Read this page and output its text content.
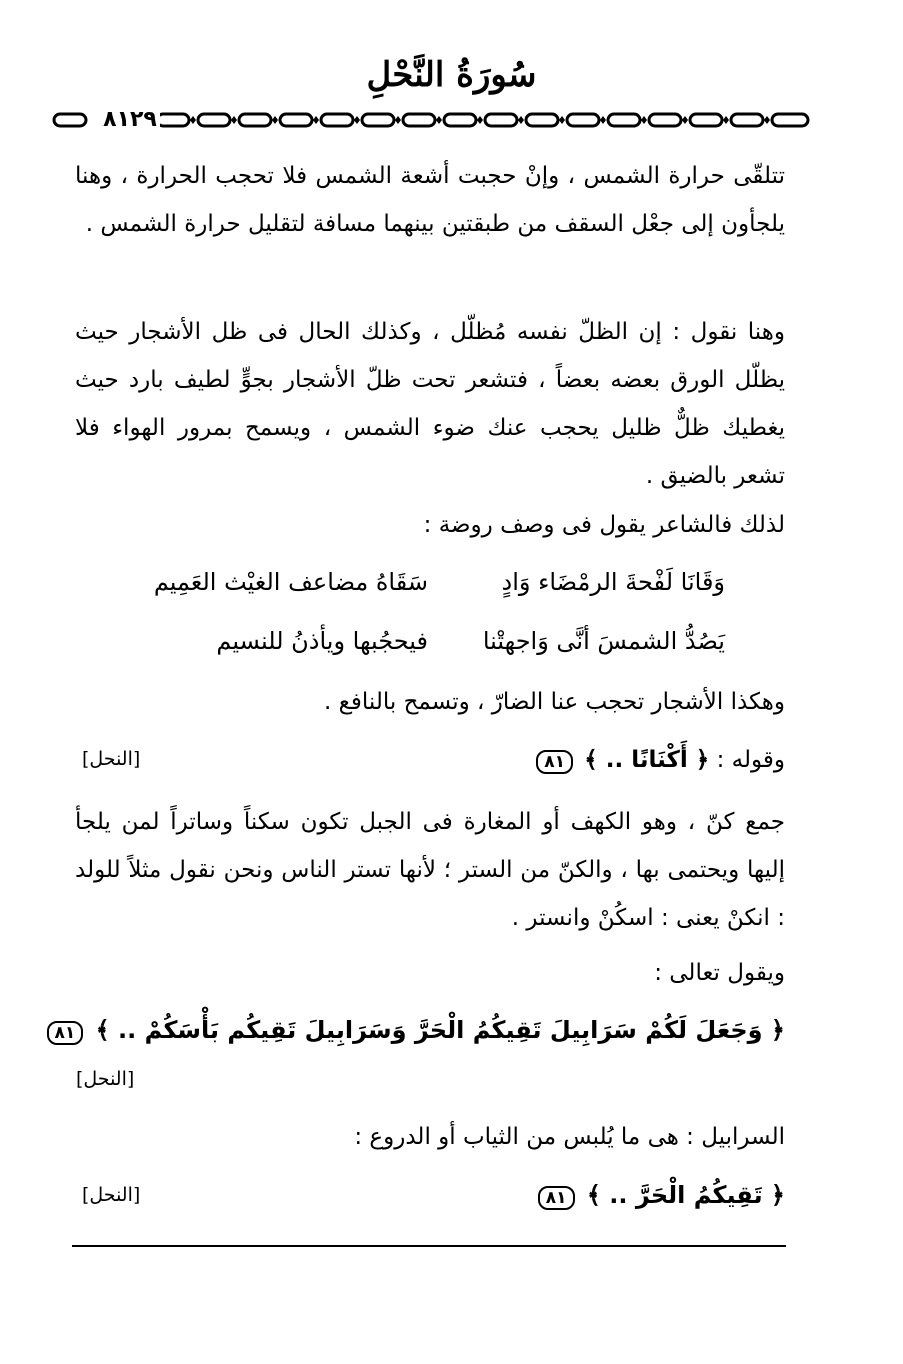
سُورَةُ النَّحْلِ
٨١٢٩
تتلقّى حرارة الشمس ، وإنْ حجبت أشعة الشمس فلا تحجب الحرارة ، وهنا يلجأون إلى جعْل السقف من طبقتين بينهما مسافة لتقليل حرارة الشمس .
وهنا نقول : إن الظلّ نفسه مُظلّل ، وكذلك الحال فى ظل الأشجار حيث يظلّل الورق بعضه بعضاً ، فتشعر تحت ظلّ الأشجار بجوٍّ لطيف بارد حيث يغطيك ظلٌّ ظليل يحجب عنك ضوء الشمس ، ويسمح بمرور الهواء فلا تشعر بالضيق .
لذلك فالشاعر يقول فى وصف روضة :
وَقَانَا لَفْحةَ الرمْضَاء وَادٍ
سَقَاهُ مضاعف الغيْث العَمِيم
يَصُدُّ الشمسَ أنَّى وَاجهتْنا
فيحجُبها ويأذنُ للنسيم
وهكذا الأشجار تحجب عنا الضارّ ، وتسمح بالنافع .
وقوله : ﴿ أَكْنَانًا .. ﴾ ٨١
[النحل]
جمع كنّ ، وهو الكهف أو المغارة فى الجبل تكون سكناً وساتراً لمن يلجأ إليها ويحتمى بها ، والكنّ من الستر ؛ لأنها تستر الناس ونحن نقول مثلاً للولد : انكنْ يعنى : اسكُنْ وانستر .
ويقول تعالى :
﴿ وَجَعَلَ لَكُمْ سَرَابِيلَ تَقِيكُمُ الْحَرَّ وَسَرَابِيلَ تَقِيكُم بَأْسَكُمْ .. ﴾ ٨١
[النحل]
السرابيل : هى ما يُلبس من الثياب أو الدروع :
﴿ تَقِيكُمُ الْحَرَّ .. ﴾ ٨١
[النحل]
